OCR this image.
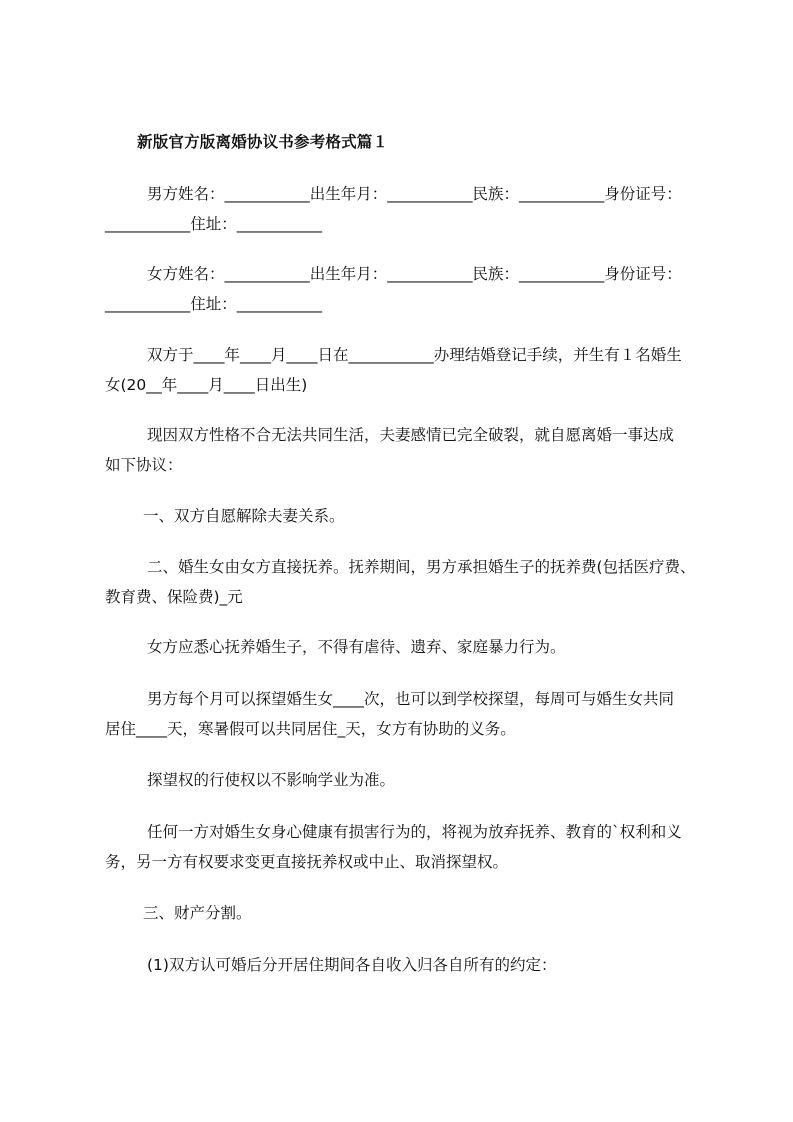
新版官方版离婚协议书参考格式篇１
男方姓名：___________出生年月：___________民族：___________身份证号：
___________住址：___________
女方姓名：___________出生年月：___________民族：___________身份证号：
___________住址：___________
双方于____年____月____日在___________办理结婚登记手续，并生有１名婚生
女(20__年____月____日出生)
现因双方性格不合无法共同生活，夫妻感情已完全破裂，就自愿离婚一事达成
如下协议：
一、双方自愿解除夫妻关系。
二、婚生女由女方直接抚养。抚养期间，男方承担婚生子的抚养费(包括医疗费、
教育费、保险费)_元
女方应悉心抚养婚生子，不得有虐待、遗弃、家庭暴力行为。
男方每个月可以探望婚生女____次，也可以到学校探望，每周可与婚生女共同
居住____天，寒暑假可以共同居住_天，女方有协助的义务。
探望权的行使权以不影响学业为准。
任何一方对婚生女身心健康有损害行为的，将视为放弃抚养、教育的`权利和义
务，另一方有权要求变更直接抚养权或中止、取消探望权。
三、财产分割。
(1)双方认可婚后分开居住期间各自收入归各自所有的约定：
